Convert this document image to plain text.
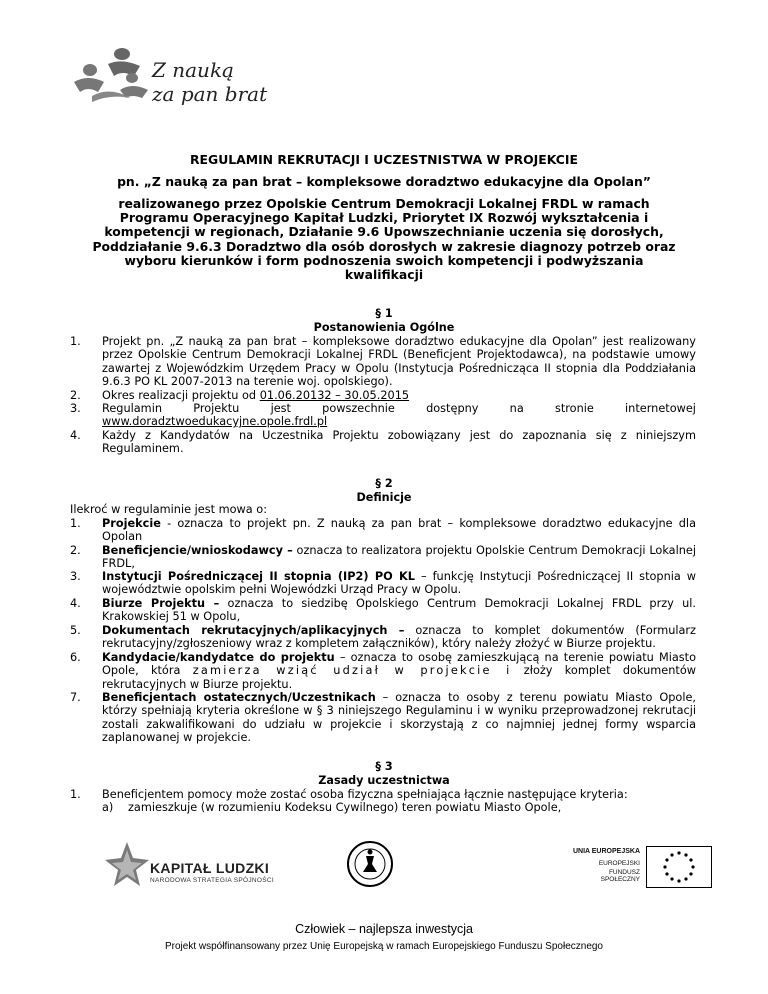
Z nauką
za pan brat
REGULAMIN REKRUTACJI I UCZESTNISTWA W PROJEKCIE
pn. „Z nauką za pan brat – kompleksowe doradztwo edukacyjne dla Opolan”
realizowanego przez Opolskie Centrum Demokracji Lokalnej FRDL w ramach
Programu Operacyjnego Kapitał Ludzki, Priorytet IX Rozwój wykształcenia i
kompetencji w regionach, Działanie 9.6 Upowszechnianie uczenia się dorosłych,
Poddziałanie 9.6.3 Doradztwo dla osób dorosłych w zakresie diagnozy potrzeb oraz
wyboru kierunków i form podnoszenia swoich kompetencji i podwyższania
kwalifikacji
§ 1
Postanowienia Ogólne
1.	Projekt pn. „Z nauką za pan brat – kompleksowe doradztwo edukacyjne dla Opolan” jest realizowany przez Opolskie Centrum Demokracji Lokalnej FRDL (Beneficjent Projektodawca), na podstawie umowy zawartej z Wojewódzkim Urzędem Pracy w Opolu (Instytucja Pośrednicząca II stopnia dla Poddziałania 9.6.3 PO KL 2007-2013 na terenie woj. opolskiego).
2.	Okres realizacji projektu od 01.06.20132 – 30.05.2015
3.	Regulamin	Projektu	jest	powszechnie	dostępny	na	stronie	internetowej
www.doradztwoedukacyjne.opole.frdl.pl
4.	Każdy z Kandydatów na Uczestnika Projektu zobowiązany jest do zapoznania się z niniejszym Regulaminem.
§ 2
Definicje
Ilekroć w regulaminie jest mowa o:
1.	Projekcie - oznacza to projekt pn. Z nauką za pan brat – kompleksowe doradztwo edukacyjne dla Opolan
2.	Beneficjencie/wnioskodawcy – oznacza to realizatora projektu Opolskie Centrum Demokracji Lokalnej FRDL,
3.	Instytucji Pośredniczącej II stopnia (IP2) PO KL – funkcję Instytucji Pośredniczącej II stopnia w województwie opolskim pełni Wojewódzki Urząd Pracy w Opolu.
4.	Biurze Projektu – oznacza to siedzibę Opolskiego Centrum Demokracji Lokalnej FRDL przy ul. Krakowskiej 51 w Opolu,
5.	Dokumentach rekrutacyjnych/aplikacyjnych – oznacza to komplet dokumentów (Formularz rekrutacyjny/zgłoszeniowy wraz z kompletem załączników), który należy złożyć w Biurze projektu.
6.	Kandydacie/kandydatce do projektu – oznacza to osobę zamieszkującą na terenie powiatu Miasto Opole, która zamierza wziąć udział w projekcie i złoży komplet dokumentów rekrutacyjnych w Biurze projektu.
7.	Beneficjentach ostatecznych/Uczestnikach – oznacza to osoby z terenu powiatu Miasto Opole, którzy spełniają kryteria określone w § 3 niniejszego Regulaminu i w wyniku przeprowadzonej rekrutacji zostali zakwalifikowani do udziału w projekcie i skorzystają z co najmniej jednej formy wsparcia zaplanowanej w projekcie.
§ 3
Zasady uczestnictwa
1.	Beneficjentem pomocy może zostać osoba fizyczna spełniająca łącznie następujące kryteria:
a) zamieszkuje (w rozumieniu Kodeksu Cywilnego) teren powiatu Miasto Opole,
KAPITAŁ LUDZKI
NARODOWA STRATEGIA SPÓJNOŚCI
UNIA EUROPEJSKA
EUROPEJSKI
FUNDUSZ SPOŁECZNY
Człowiek – najlepsza inwestycja
Projekt współfinansowany przez Unię Europejską w ramach Europejskiego Funduszu Społecznego
